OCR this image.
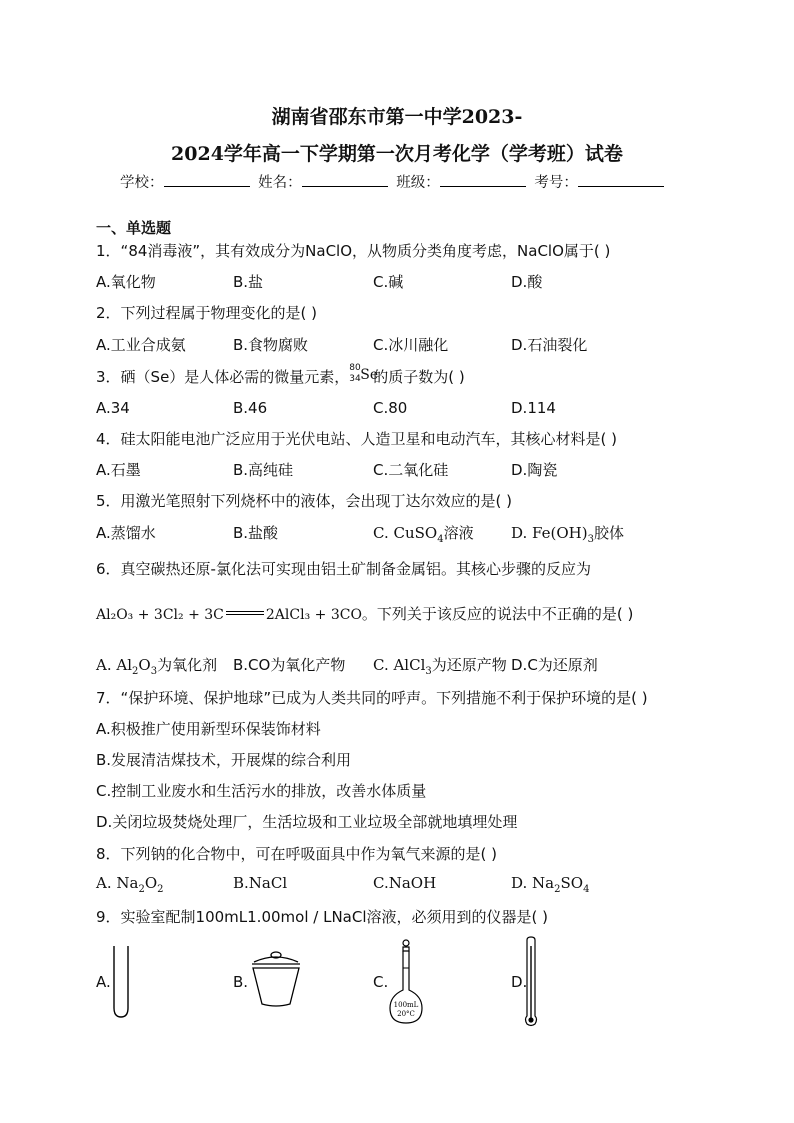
湖南省邵东市第一中学2023-
2024学年高一下学期第一次月考化学（学考班）试卷
学校：	姓名：	班级：	考号：
一、单选题
1．“84消毒液”，其有效成分为NaClO，从物质分类角度考虑，NaClO属于( )
A.氧化物	B.盐	C.碱	D.酸
2．下列过程属于物理变化的是( )
A.工业合成氨	B.食物腐败	C.冰川融化	D.石油裂化
3．硒（Se）是人体必需的微量元素， 80
34 Se
的质子数为( )
A.34	B.46	C.80	D.114
4．硅太阳能电池广泛应用于光伏电站、人造卫星和电动汽车，其核心材料是( )
A.石墨	B.高纯硅	C.二氧化硅	D.陶瓷
5．用激光笔照射下列烧杯中的液体，会出现丁达尔效应的是( )
A.蒸馏水	B.盐酸	C. CuSO$_4$溶液 D. $Fe(OH)_3$胶体
6．真空碳热还原-氯化法可实现由铝土矿制备金属铝。其核心步骤的反应为
Al₂O₃ + 3Cl₂ + 3C	2AlCl₃ + 3CO。下列关于该反应的说法中不正确的是( )
A. $Al_2O_3$为氧化剂 B.CO为氧化产物 C. AlCl$_3$为还原产物 D.C为还原剂
7．“保护环境、保护地球”已成为人类共同的呼声。下列措施不利于保护环境的是( )
A.积极推广使用新型环保装饰材料
B.发展清洁煤技术，开展煤的综合利用
C.控制工业废水和生活污水的排放，改善水体质量
D.关闭垃圾焚烧处理厂，生活垃圾和工业垃圾全部就地填埋处理
8．下列钠的化合物中，可在呼吸面具中作为氧气来源的是( )
A. $Na_2O_2$	B.NaCl	C.NaOH	D. $Na_2SO_4$
9．实验室配制100mL1.00mol / LNaCl溶液，必须用到的仪器是( )
A.	B.	C.
100mL
20°C
D.
